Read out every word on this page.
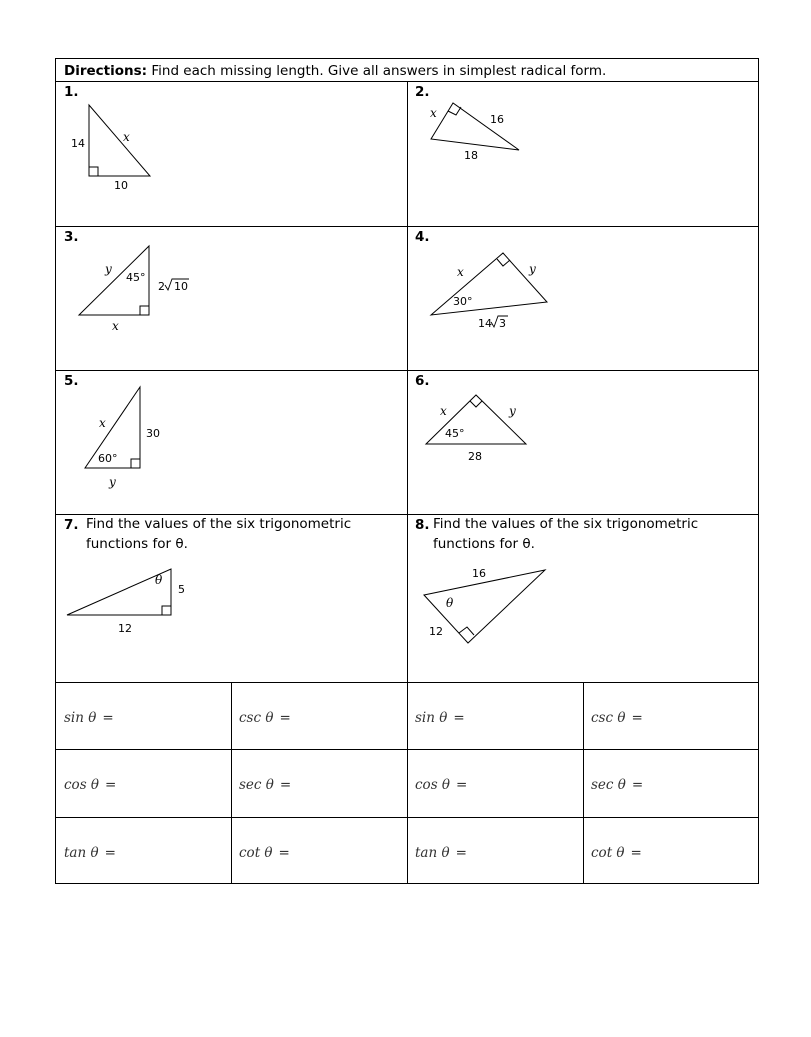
Directions: Find each missing length. Give all answers in simplest radical form.
1.	2.
3.	4.
5.	6.
7.	8.
Find the values of the six trigonometric
functions for θ.
Find the values of the six trigonometric
functions for θ.
14
10
x
x	16
18
y
45°
2 10
x
x	y
30°
14 3
x
30
60°
y
x	y
45°
28
θ
5
12
16
θ
12
sin θ =	csc θ =	sin θ =	csc θ =
cos θ =	sec θ =	cos θ =	sec θ =
tan θ =	cot θ =	tan θ =	cot θ =
